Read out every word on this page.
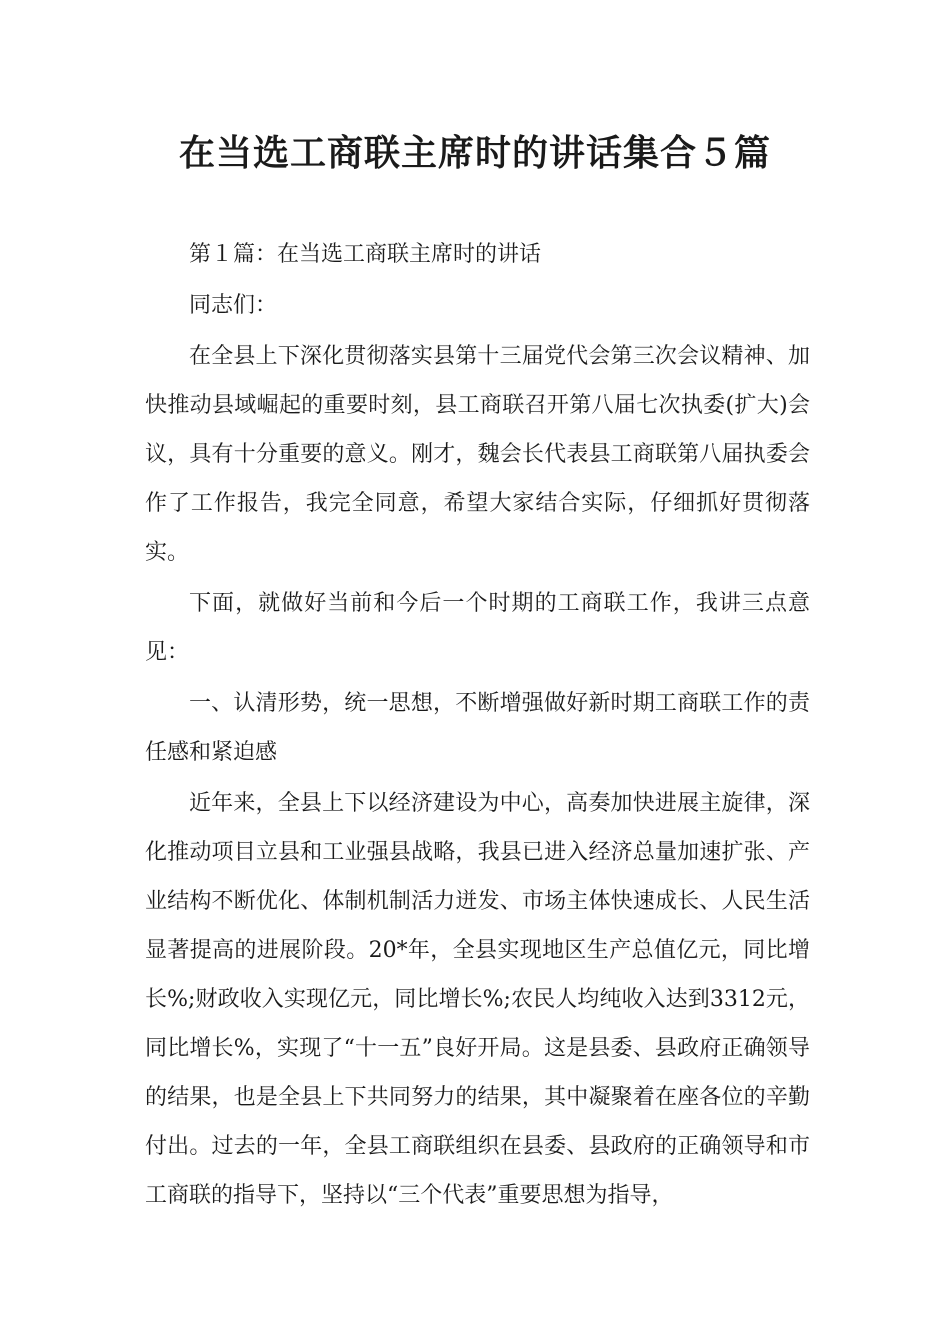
在当选工商联主席时的讲话集合５篇

第１篇：在当选工商联主席时的讲话

同志们：

在全县上下深化贯彻落实县第十三届党代会第三次会议精神、加快推动县域崛起的重要时刻，县工商联召开第八届七次执委(扩大)会议，具有十分重要的意义。刚才，魏会长代表县工商联第八届执委会作了工作报告，我完全同意，希望大家结合实际，仔细抓好贯彻落实。

下面，就做好当前和今后一个时期的工商联工作，我讲三点意见：

一、认清形势，统一思想，不断增强做好新时期工商联工作的责任感和紧迫感

近年来，全县上下以经济建设为中心，高奏加快进展主旋律，深化推动项目立县和工业强县战略，我县已进入经济总量加速扩张、产业结构不断优化、体制机制活力迸发、市场主体快速成长、人民生活显著提高的进展阶段。20*年，全县实现地区生产总值亿元，同比增长%;财政收入实现亿元，同比增长%;农民人均纯收入达到3312元，同比增长%，实现了“十一五”良好开局。这是县委、县政府正确领导的结果，也是全县上下共同努力的结果，其中凝聚着在座各位的辛勤付出。过去的一年，全县工商联组织在县委、县政府的正确领导和市工商联的指导下，坚持以“三个代表”重要思想为指导，
